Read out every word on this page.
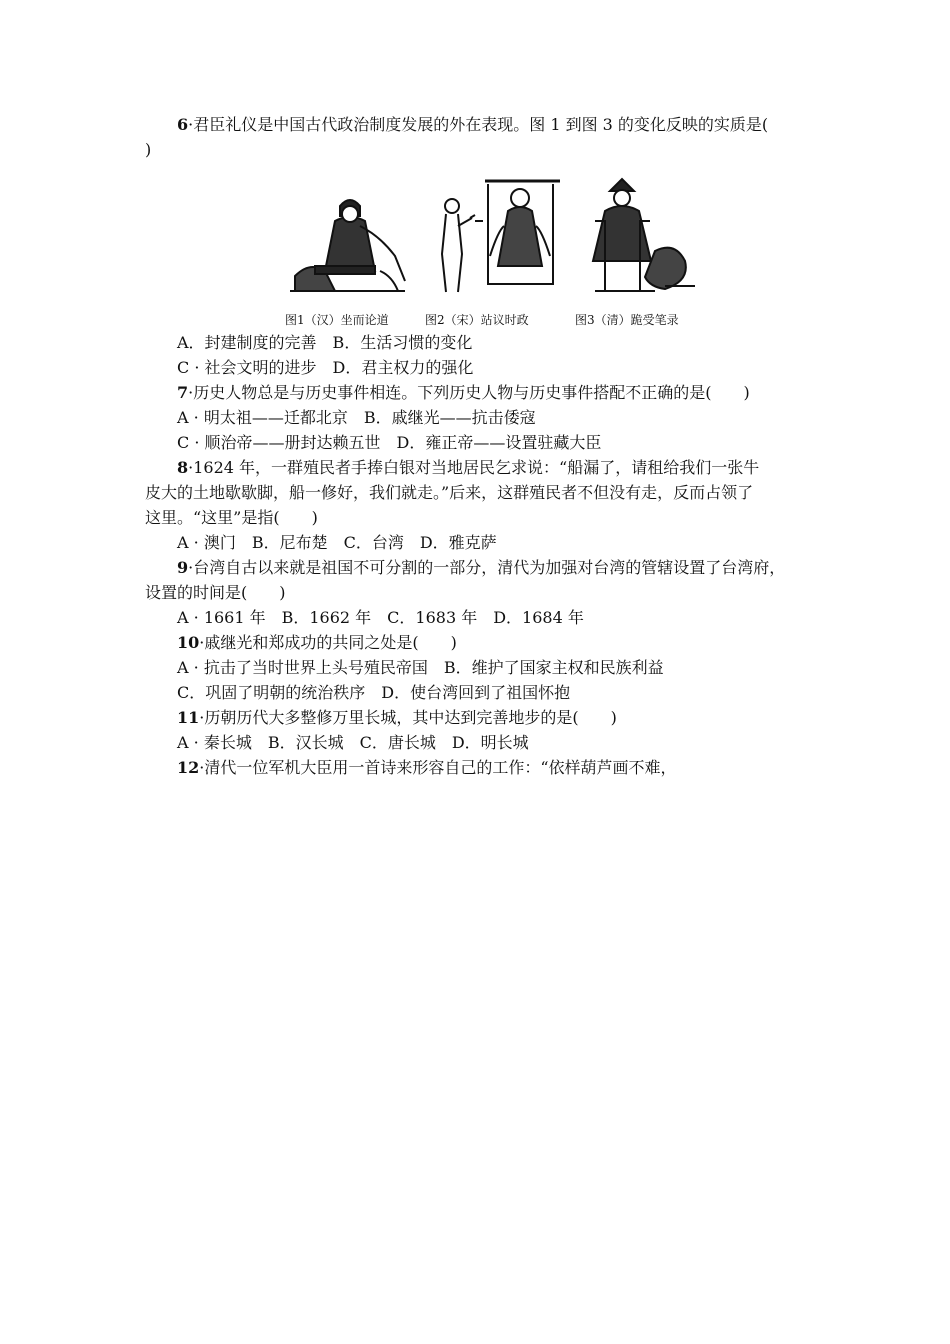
6·君臣礼仪是中国古代政治制度发展的外在表现。图 1 到图 3 的变化反映的实质是(
)
图1（汉）坐而论道	图2（宋）站议时政	图3（清）跪受笔录
A．封建制度的完善　B．生活习惯的变化
C · 社会文明的进步　D．君主权力的强化
7·历史人物总是与历史事件相连。下列历史人物与历史事件搭配不正确的是(　　)
A · 明太祖——迁都北京　B．戚继光——抗击倭寇
C · 顺治帝——册封达赖五世　D．雍正帝——设置驻藏大臣
8·1624 年，一群殖民者手捧白银对当地居民乞求说：“船漏了，请租给我们一张牛
皮大的土地歇歇脚，船一修好，我们就走。”后来，这群殖民者不但没有走，反而占领了
这里。“这里”是指(　　)
A · 澳门　B．尼布楚　C．台湾　D．雅克萨
9·台湾自古以来就是祖国不可分割的一部分，清代为加强对台湾的管辖设置了台湾府，
设置的时间是(　　)
A · 1661 年　B．1662 年　C．1683 年　D．1684 年
10·戚继光和郑成功的共同之处是(　　)
A · 抗击了当时世界上头号殖民帝国　B．维护了国家主权和民族利益
C．巩固了明朝的统治秩序　D．使台湾回到了祖国怀抱
11·历朝历代大多整修万里长城，其中达到完善地步的是(　　)
A · 秦长城　B．汉长城　C．唐长城　D．明长城
12·清代一位军机大臣用一首诗来形容自己的工作：“依样葫芦画不难，
